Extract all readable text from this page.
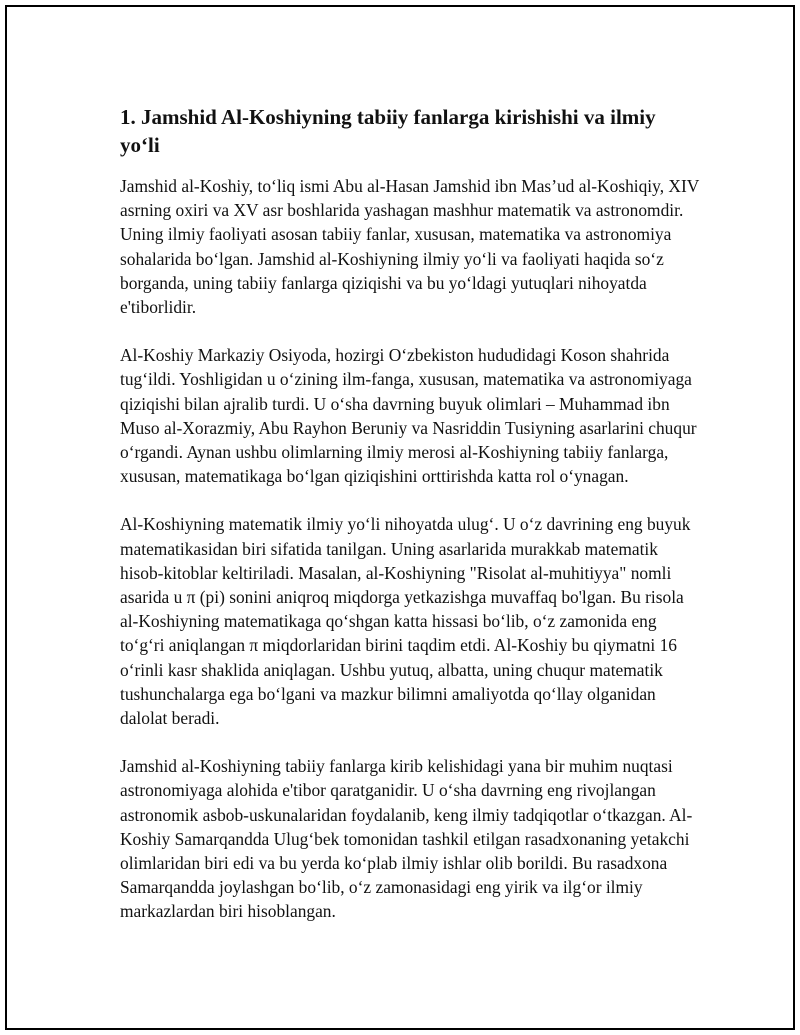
1. Jamshid Al-Koshiyning tabiiy fanlarga kirishishi va ilmiy yo‘li

Jamshid al-Koshiy, to‘liq ismi Abu al-Hasan Jamshid ibn Mas’ud al-Koshiqiy, XIV asrning oxiri va XV asr boshlarida yashagan mashhur matematik va astronomdir. Uning ilmiy faoliyati asosan tabiiy fanlar, xususan, matematika va astronomiya sohalarida bo‘lgan. Jamshid al-Koshiyning ilmiy yo‘li va faoliyati haqida so‘z borganda, uning tabiiy fanlarga qiziqishi va bu yo‘ldagi yutuqlari nihoyatda e'tiborlidir.

Al-Koshiy Markaziy Osiyoda, hozirgi O‘zbekiston hududidagi Koson shahrida tug‘ildi. Yoshligidan u o‘zining ilm-fanga, xususan, matematika va astronomiyaga qiziqishi bilan ajralib turdi. U o‘sha davrning buyuk olimlari – Muhammad ibn Muso al-Xorazmiy, Abu Rayhon Beruniy va Nasriddin Tusiyning asarlarini chuqur o‘rgandi. Aynan ushbu olimlarning ilmiy merosi al-Koshiyning tabiiy fanlarga, xususan, matematikaga bo‘lgan qiziqishini orttirishda katta rol o‘ynagan.

Al-Koshiyning matematik ilmiy yo‘li nihoyatda ulug‘. U o‘z davrining eng buyuk matematikasidan biri sifatida tanilgan. Uning asarlarida murakkab matematik hisob-kitoblar keltiriladi. Masalan, al-Koshiyning "Risolat al-muhitiyya" nomli asarida u π (pi) sonini aniqroq miqdorga yetkazishga muvaffaq bo'lgan. Bu risola al-Koshiyning matematikaga qo‘shgan katta hissasi bo‘lib, o‘z zamonida eng to‘g‘ri aniqlangan π miqdorlaridan birini taqdim etdi. Al-Koshiy bu qiymatni 16 o‘rinli kasr shaklida aniqlagan. Ushbu yutuq, albatta, uning chuqur matematik tushunchalarga ega bo‘lgani va mazkur bilimni amaliyotda qo‘llay olganidan dalolat beradi.

Jamshid al-Koshiyning tabiiy fanlarga kirib kelishidagi yana bir muhim nuqtasi astronomiyaga alohida e'tibor qaratganidir. U o‘sha davrning eng rivojlangan astronomik asbob-uskunalaridan foydalanib, keng ilmiy tadqiqotlar o‘tkazgan. Al-Koshiy Samarqandda Ulug‘bek tomonidan tashkil etilgan rasadxonaning yetakchi olimlaridan biri edi va bu yerda ko‘plab ilmiy ishlar olib borildi. Bu rasadxona Samarqandda joylashgan bo‘lib, o‘z zamonasidagi eng yirik va ilg‘or ilmiy markazlardan biri hisoblangan.
